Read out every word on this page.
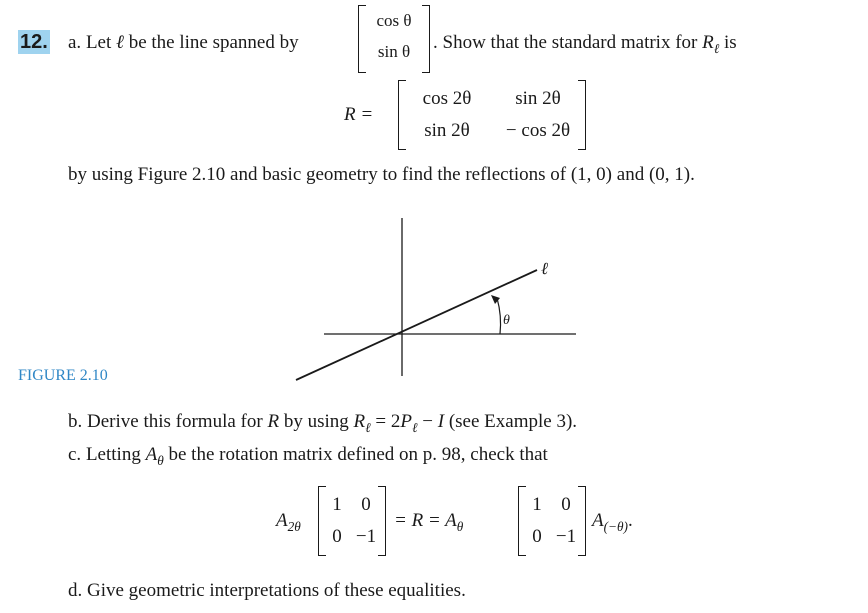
12. a. Let ℓ be the line spanned by
cos θ
sin θ	. Show that the standard matrix for $R_\ell$ is
R =
cos 2θ	sin 2θ
sin 2θ	− cos 2θ
by using Figure 2.10 and basic geometry to find the reflections of (1, 0) and (0, 1).
ℓ
θ
FIGURE 2.10
b. Derive this formula for R by using $R_\ell = 2P_\ell - I$ (see Example 3).
c. Letting $A_\theta$ be the rotation matrix defined on p. 98, check that
$A_{2\theta}$
1	0
0 −1
= $R = A_\theta$
1	0
0 −1
$A_{(-\theta)}$.
d. Give geometric interpretations of these equalities.
